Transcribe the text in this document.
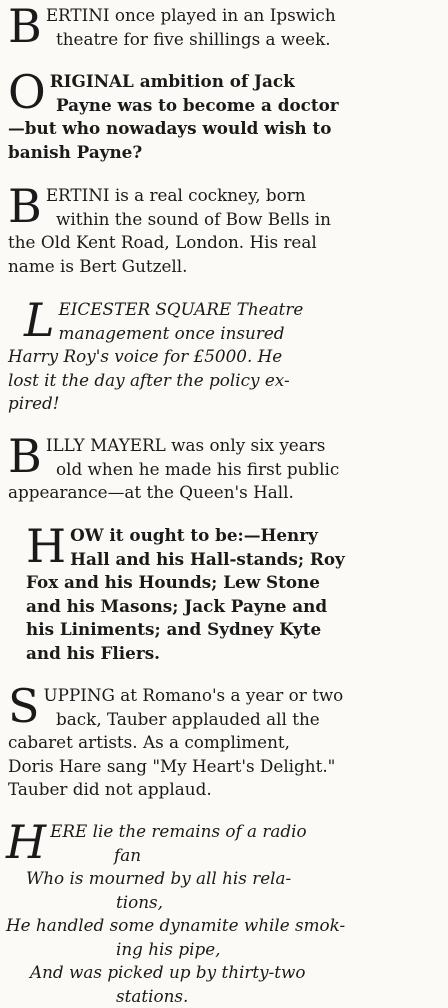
B ERTINI once played in an Ipswich
theatre for five shillings a week.
O RIGINAL ambition of Jack
Payne was to become a doctor
—but who nowadays would wish to
banish Payne?
B ERTINI is a real cockney, born
within the sound of Bow Bells in
the Old Kent Road, London. His real
name is Bert Gutzell.
L EICESTER SQUARE Theatre
management once insured
Harry Roy's voice for £5000. He
lost it the day after the policy ex-
pired!
B ILLY MAYERL was only six years
old when he made his first public
appearance—at the Queen's Hall.
H OW it ought to be:—Henry
Hall and his Hall-stands; Roy
Fox and his Hounds; Lew Stone
and his Masons; Jack Payne and
his Liniments; and Sydney Kyte
and his Fliers.
S UPPING at Romano's a year or two
back, Tauber applauded all the
cabaret artists. As a compliment,
Doris Hare sang "My Heart's Delight."
Tauber did not applaud.
H ERE lie the remains of a radio
fan
Who is mourned by all his rela-
tions,
He handled some dynamite while smok-
ing his pipe,
And was picked up by thirty-two
stations.
